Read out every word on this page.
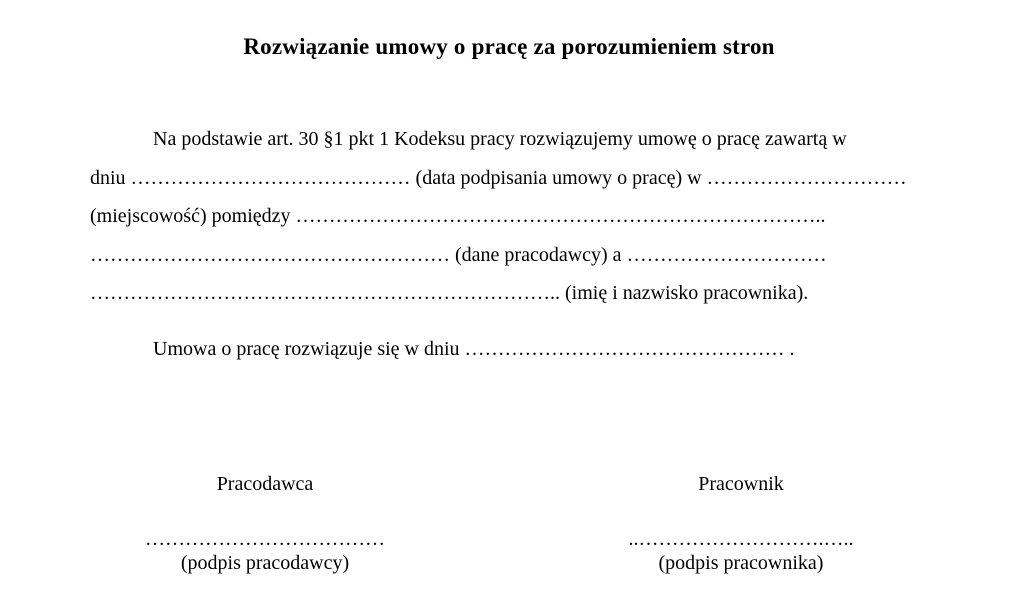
Rozwiązanie umowy o pracę za porozumieniem stron
Na podstawie art. 30 §1 pkt 1 Kodeksu pracy rozwiązujemy umowę o pracę zawartą w
dniu …………………………………… (data podpisania umowy o pracę) w …………………………
(miejscowość) pomiędzy ……………………………………………………………………..
……………………………………………… (dane pracodawcy) a …………………………
…………………………………………………………….. (imię i nazwisko pracownika).
Umowa o pracę rozwiązuje się w dniu ………………………………………… .
Pracodawca
………………………………
(podpis pracodawcy)
Pracownik
..……………………….…..
(podpis pracownika)
